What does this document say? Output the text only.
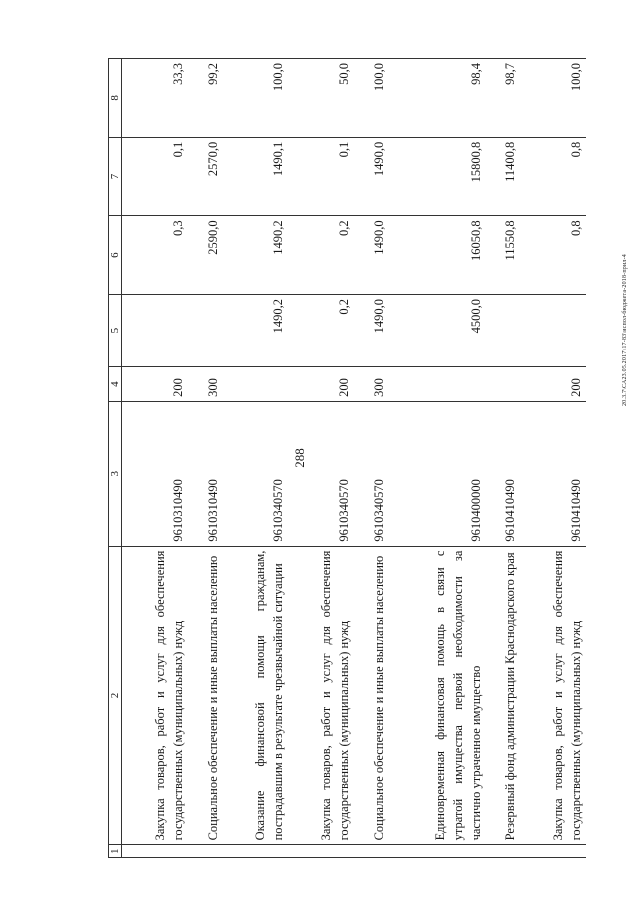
288
20.3.7\СА23.05.2017\17-83\испол-бюджета-2018-прил-4
1	2	3	4	5	6	7	8
	Закупка товаров, работ и услуг для обеспечения государственных (муниципальных) нужд	9610310490	200		0,3	0,1	33,3
	Социальное обеспечение и иные выплаты населению	9610310490	300		2590,0	2570,0	99,2
	Оказание финансовой помощи гражданам, пострадавшим в результате чрезвычайной ситуации	9610340570		1490,2	1490,2	1490,1	100,0
	Закупка товаров, работ и услуг для обеспечения государственных (муниципальных) нужд	9610340570	200	0,2	0,2	0,1	50,0
	Социальное обеспечение и иные выплаты населению	9610340570	300	1490,0	1490,0	1490,0	100,0
	Единовременная финансовая помощь в связи с утратой имущества первой необходимости за частично утраченное имущество	9610400000		4500,0	16050,8	15800,8	98,4
	Резервный фонд администрации Краснодарского края	9610410490			11550,8	11400,8	98,7
	Закупка товаров, работ и услуг для обеспечения государственных (муниципальных) нужд	9610410490	200		0,8	0,8	100,0
